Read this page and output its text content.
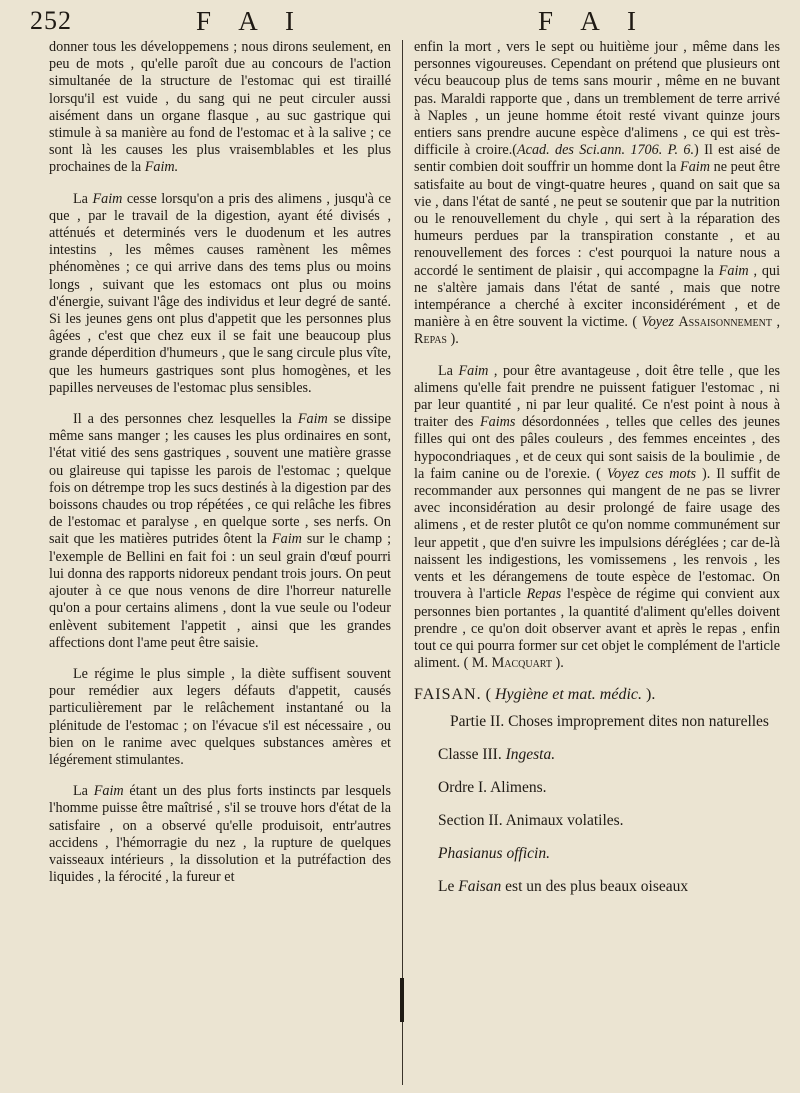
252	F A I	F A I

donner tous les développemens ; nous dirons seulement, en peu de mots , qu'elle paroît due au concours de l'action simultanée de la structure de l'estomac qui est tiraillé lorsqu'il est vuide , du sang qui ne peut circuler aussi aisément dans un organe flasque , au suc gastrique qui stimule à sa manière au fond de l'estomac et à la salive ; ce sont là les causes les plus vraisemblables et les plus prochaines de la Faim.

La Faim cesse lorsqu'on a pris des alimens , jusqu'à ce que , par le travail de la digestion, ayant été divisés , atténués et determinés vers le duodenum et les autres intestins , les mêmes causes ramènent les mêmes phénomènes ; ce qui arrive dans des tems plus ou moins longs , suivant que les estomacs ont plus ou moins d'énergie, suivant l'âge des individus et leur degré de santé. Si les jeunes gens ont plus d'appetit que les personnes plus âgées , c'est que chez eux il se fait une beaucoup plus grande déperdition d'humeurs , que le sang circule plus vîte, que les humeurs gastriques sont plus homogènes, et les papilles nerveuses de l'estomac plus sensibles.

Il a des personnes chez lesquelles la Faim se dissipe même sans manger ; les causes les plus ordinaires en sont, l'état vitié des sens gastriques , souvent une matière grasse ou glaireuse qui tapisse les parois de l'estomac ; quelque fois on détrempe trop les sucs destinés à la digestion par des boissons chaudes ou trop répétées , ce qui relâche les fibres de l'estomac et paralyse , en quelque sorte , ses nerfs. On sait que les matières putrides ôtent la Faim sur le champ ; l'exemple de Bellini en fait foi : un seul grain d'œuf pourri lui donna des rapports nidoreux pendant trois jours. On peut ajouter à ce que nous venons de dire l'horreur naturelle qu'on a pour certains alimens , dont la vue seule ou l'odeur enlèvent subitement l'appetit , ainsi que les grandes affections dont l'ame peut être saisie.

Le régime le plus simple , la diète suffisent souvent pour remédier aux legers défauts d'appetit, causés particulièrement par le relâchement instantané ou la plénitude de l'estomac ; on l'évacue s'il est nécessaire , ou bien on le ranime avec quelques substances amères et légérement stimulantes.

La Faim étant un des plus forts instincts par lesquels l'homme puisse être maîtrisé , s'il se trouve hors d'état de la satisfaire , on a observé qu'elle produisoit, entr'autres accidens , l'hémorragie du nez , la rupture de quelques vaisseaux intérieurs , la dissolution et la putréfaction des liquides , la férocité , la fureur et

enfin la mort , vers le sept ou huitième jour , même dans les personnes vigoureuses. Cependant on prétend que plusieurs ont vécu beaucoup plus de tems sans mourir , même en ne buvant pas. Maraldi rapporte que , dans un tremblement de terre arrivé à Naples , un jeune homme étoit resté vivant quinze jours entiers sans prendre aucune espèce d'alimens , ce qui est très-difficile à croire.(Acad. des Sci.ann. 1706. P. 6.) Il est aisé de sentir combien doit souffrir un homme dont la Faim ne peut être satisfaite au bout de vingt-quatre heures , quand on sait que sa vie , dans l'état de santé , ne peut se soutenir que par la nutrition ou le renouvellement du chyle , qui sert à la réparation des humeurs perdues par la transpiration constante , et au renouvellement des forces : c'est pourquoi la nature nous a accordé le sentiment de plaisir , qui accompagne la Faim , qui ne s'altère jamais dans l'état de santé , mais que notre intempérance a cherché à exciter inconsidérément , et de manière à en être souvent la victime. ( Voyez Assaisonnement , Repas ).

La Faim , pour être avantageuse , doit être telle , que les alimens qu'elle fait prendre ne puissent fatiguer l'estomac , ni par leur quantité , ni par leur qualité. Ce n'est point à nous à traiter des Faims désordonnées , telles que celles des jeunes filles qui ont des pâles couleurs , des femmes enceintes , des hypocondriaques , et de ceux qui sont saisis de la boulimie , de la faim canine ou de l'orexie. ( Voyez ces mots ). Il suffit de recommander aux personnes qui mangent de ne pas se livrer avec inconsidération au desir prolongé de faire usage des alimens , et de rester plutôt ce qu'on nomme communément sur leur appetit , que d'en suivre les impulsions déréglées ; car de-là naissent les indigestions, les vomissemens , les renvois , les vents et les dérangemens de toute espèce de l'estomac. On trouvera à l'article Repas l'espèce de régime qui convient aux personnes bien portantes , la quantité d'aliment qu'elles doivent prendre , ce qu'on doit observer avant et après le repas , enfin tout ce qui pourra former sur cet objet le complément de l'article aliment. ( M. Macquart ).

FAISAN. ( Hygiène et mat. médic. ).

Partie II. Choses improprement dites non naturelles

Classe III. Ingesta.

Ordre I. Alimens.

Section II. Animaux volatiles.

Phasianus officin.

Le Faisan est un des plus beaux oiseaux
